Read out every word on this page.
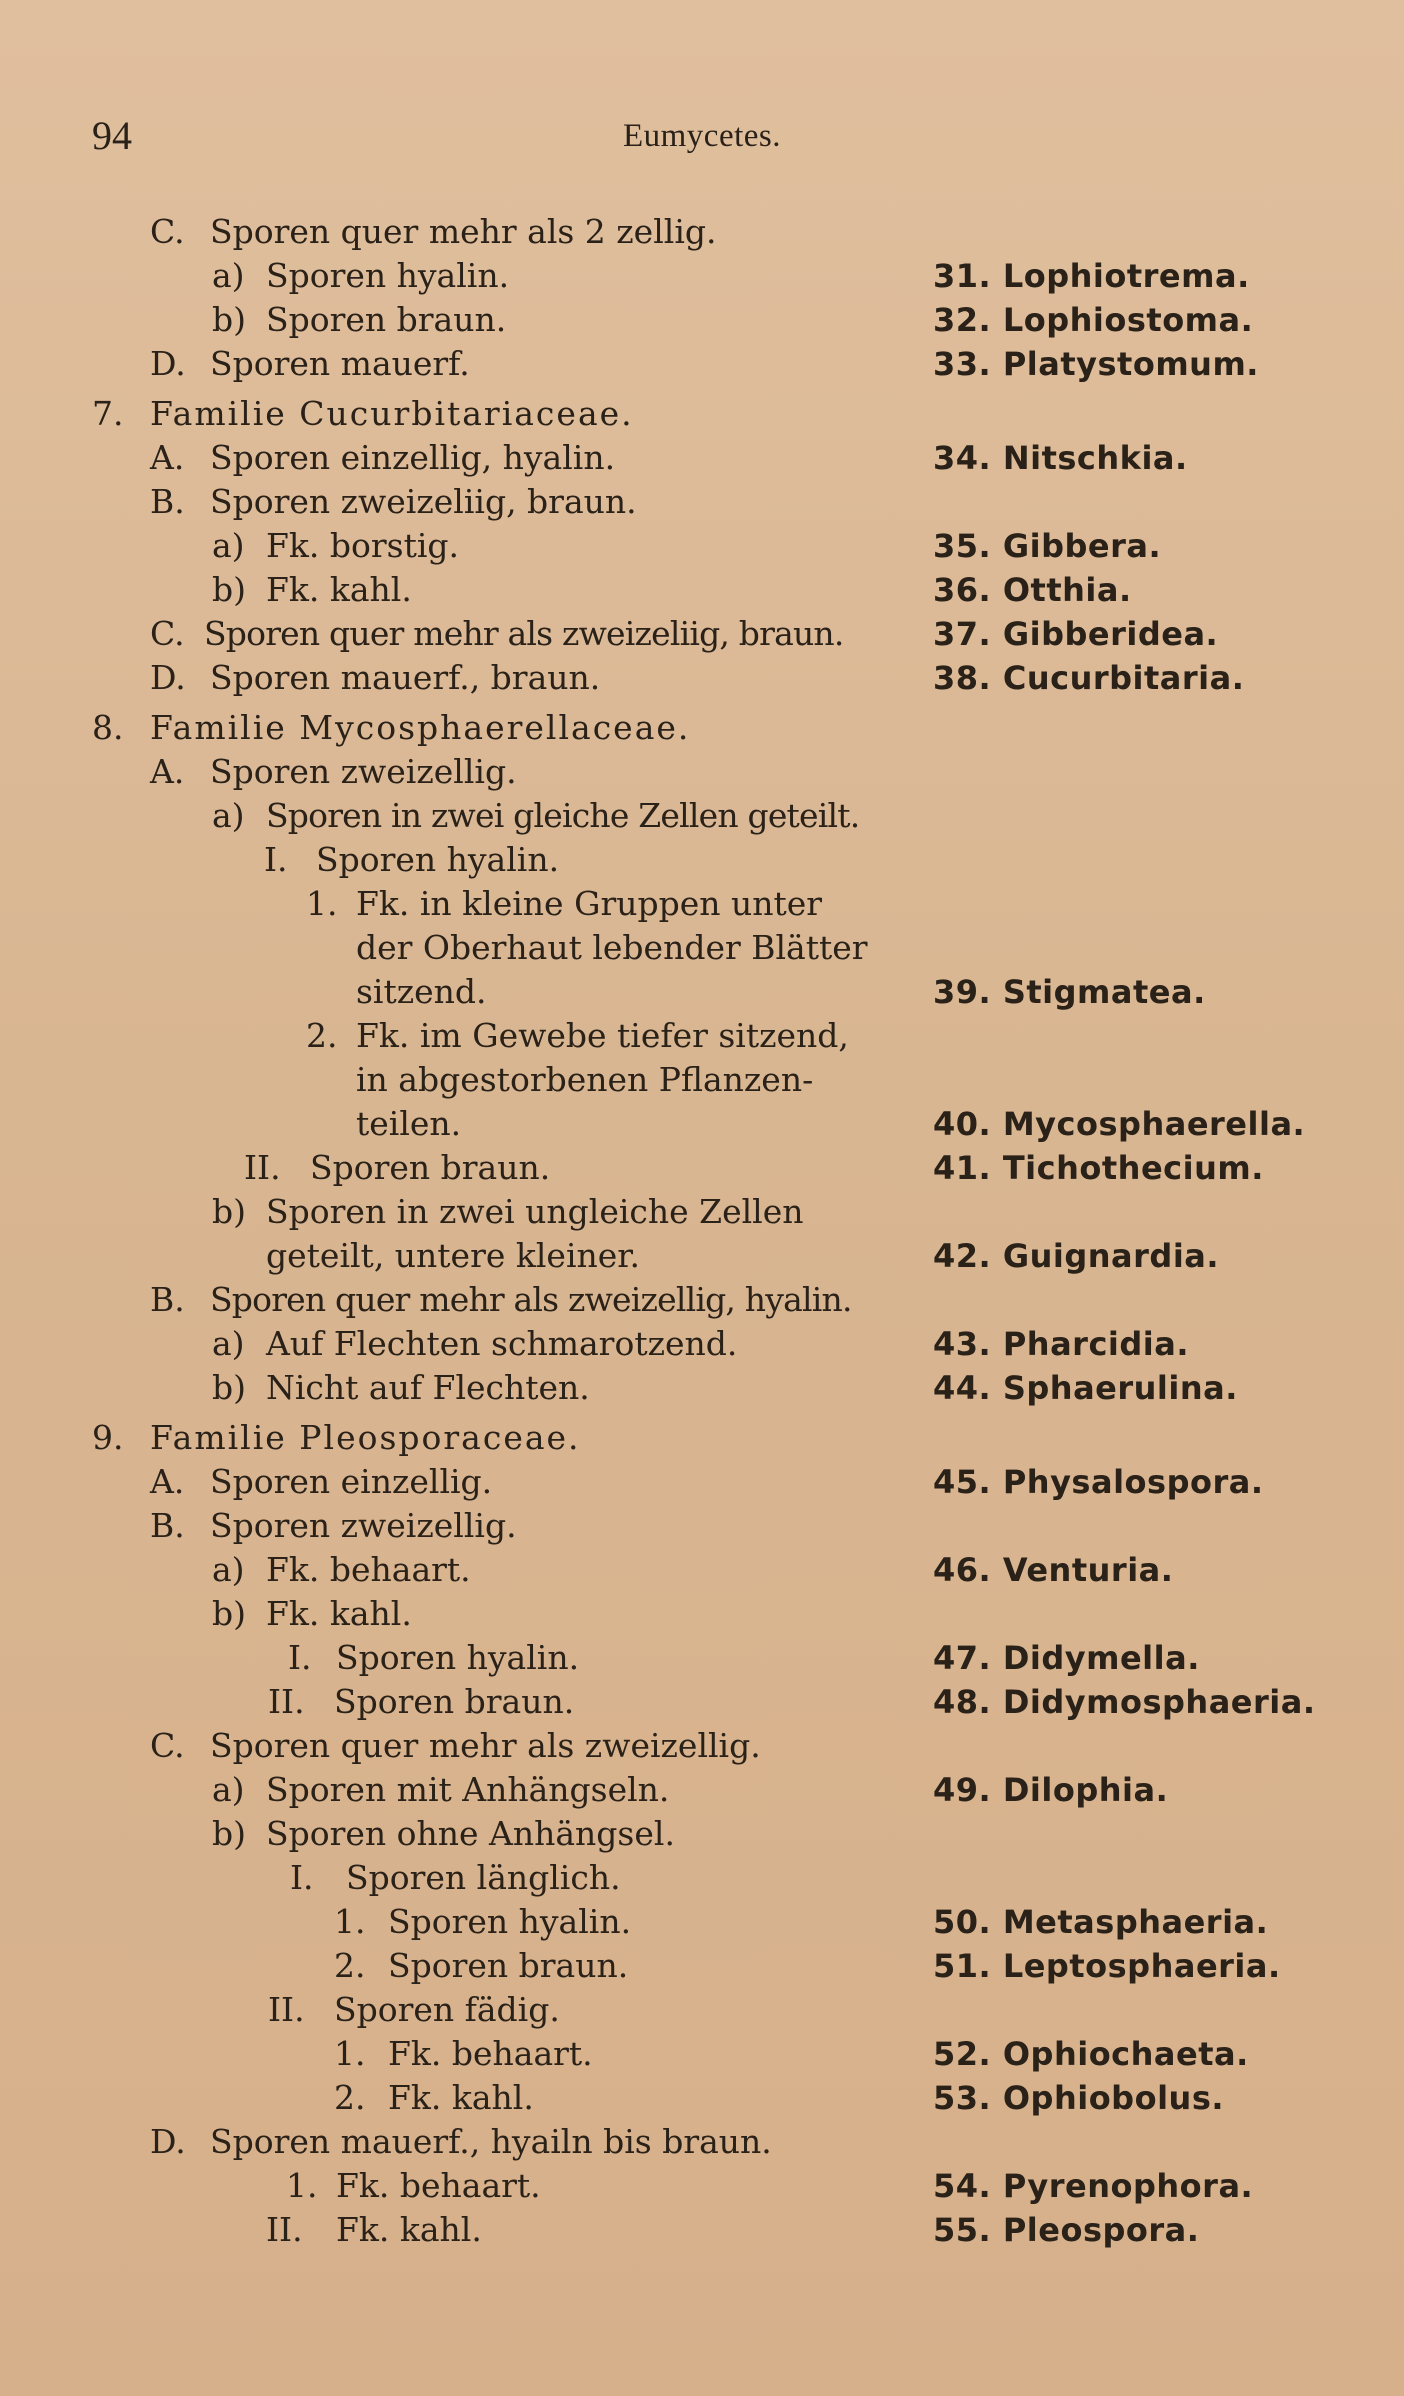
94	Eumycetes.
C. Sporen quer mehr als 2 zellig.
a) Sporen hyalin.	31. Lophiotrema.
b) Sporen braun.	32. Lophiostoma.
D. Sporen mauerf.	33. Platystomum.
7. Familie Cucurbitariaceae.
A. Sporen einzellig, hyalin.	34. Nitschkia.
B. Sporen zweizeliig, braun.
a) Fk. borstig.	35. Gibbera.
b) Fk. kahl.	36. Otthia.
C. Sporen quer mehr als zweizeliig, braun.	37. Gibberidea.
D. Sporen mauerf., braun.	38. Cucurbitaria.
8. Familie Mycosphaerellaceae.
A. Sporen zweizellig.
a) Sporen in zwei gleiche Zellen geteilt.
I. Sporen hyalin.
1. Fk. in kleine Gruppen unter
der Oberhaut lebender Blätter
sitzend.	39. Stigmatea.
2. Fk. im Gewebe tiefer sitzend,
in abgestorbenen Pflanzen-
teilen.	40. Mycosphaerella.
II. Sporen braun.	41. Tichothecium.
b) Sporen in zwei ungleiche Zellen
geteilt, untere kleiner.	42. Guignardia.
B. Sporen quer mehr als zweizellig, hyalin.
a) Auf Flechten schmarotzend.	43. Pharcidia.
b) Nicht auf Flechten.	44. Sphaerulina.
9. Familie Pleosporaceae.
A. Sporen einzellig.	45. Physalospora.
B. Sporen zweizellig.
a) Fk. behaart.	46. Venturia.
b) Fk. kahl.
I. Sporen hyalin.	47. Didymella.
II. Sporen braun.	48. Didymosphaeria.
C. Sporen quer mehr als zweizellig.
a) Sporen mit Anhängseln.	49. Dilophia.
b) Sporen ohne Anhängsel.
I. Sporen länglich.
1. Sporen hyalin.	50. Metasphaeria.
2. Sporen braun.	51. Leptosphaeria.
II. Sporen fädig.
1. Fk. behaart.	52. Ophiochaeta.
2. Fk. kahl.	53. Ophiobolus.
D. Sporen mauerf., hyailn bis braun.
1. Fk. behaart.	54. Pyrenophora.
II. Fk. kahl.	55. Pleospora.
